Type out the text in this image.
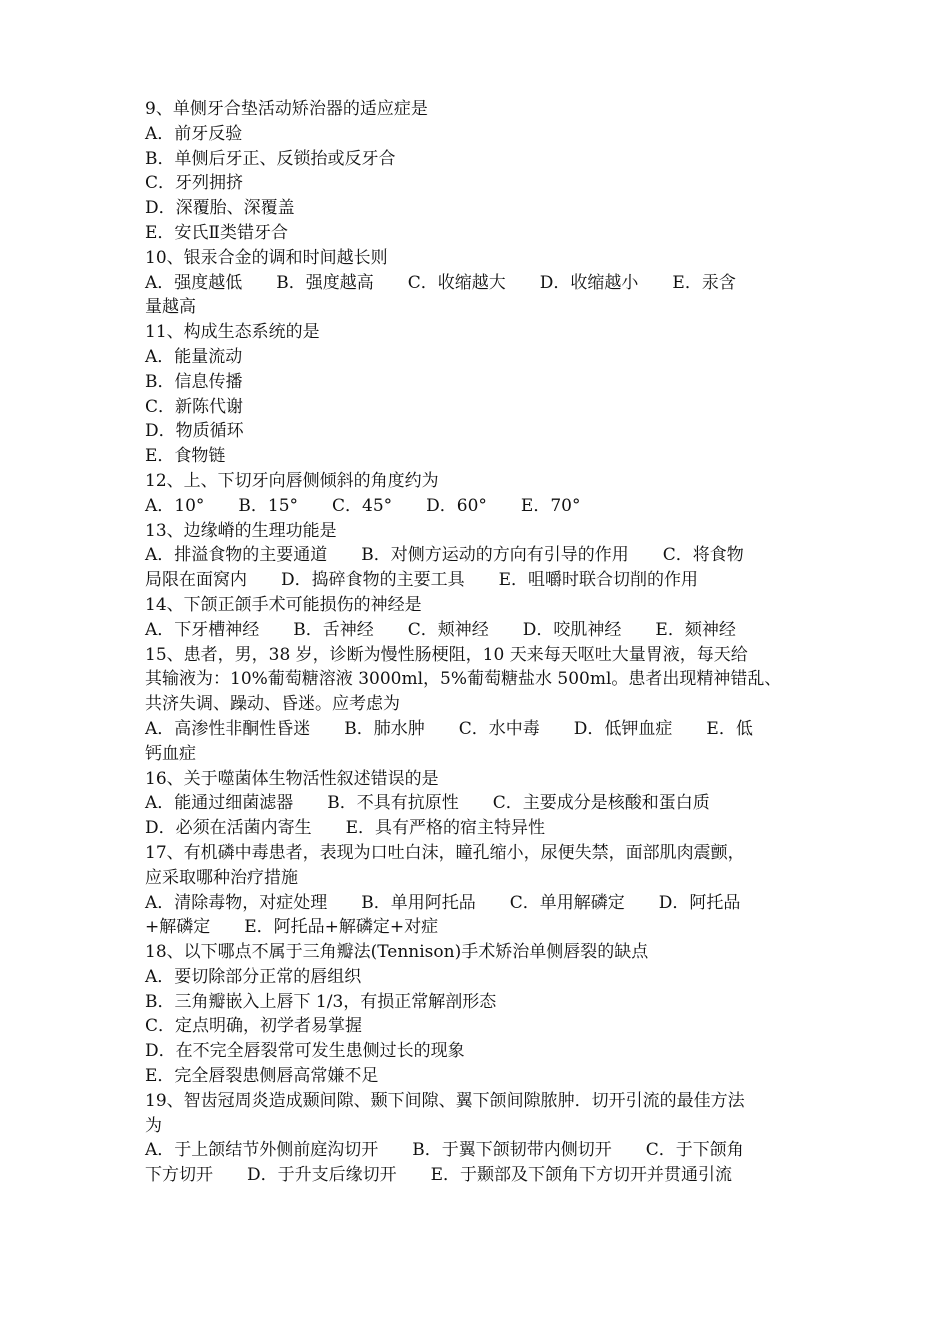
9、单侧牙合垫活动矫治器的适应症是
A．前牙反验
B．单侧后牙正、反锁抬或反牙合
C．牙列拥挤
D．深覆胎、深覆盖
E．安氏Ⅱ类错牙合
10、银汞合金的调和时间越长则
A．强度越低　　B．强度越高　　C．收缩越大　　D．收缩越小　　E．汞含
量越高
11、构成生态系统的是
A．能量流动
B．信息传播
C．新陈代谢
D．物质循环
E．食物链
12、上、下切牙向唇侧倾斜的角度约为
A．10°　　B．15°　　C．45°　　D．60°　　E．70°
13、边缘嵴的生理功能是
A．排溢食物的主要通道　　B．对侧方运动的方向有引导的作用　　C．将食物
局限在面窝内　　D．捣碎食物的主要工具　　E．咀嚼时联合切削的作用
14、下颌正颌手术可能损伤的神经是
A．下牙槽神经　　B．舌神经　　C．颊神经　　D．咬肌神经　　E．颏神经
15、患者，男，38 岁，诊断为慢性肠梗阻，10 天来每天呕吐大量胃液，每天给
其输液为：10%葡萄糖溶液 3000ml，5%葡萄糖盐水 500ml。患者出现精神错乱、
共济失调、躁动、昏迷。应考虑为
A．高渗性非酮性昏迷　　B．肺水肿　　C．水中毒　　D．低钾血症　　E．低
钙血症
16、关于噬菌体生物活性叙述错误的是
A．能通过细菌滤器　　B．不具有抗原性　　C．主要成分是核酸和蛋白质
D．必须在活菌内寄生　　E．具有严格的宿主特异性
17、有机磷中毒患者，表现为口吐白沫，瞳孔缩小，尿便失禁，面部肌肉震颤，
应采取哪种治疗措施
A．清除毒物，对症处理　　B．单用阿托品　　C．单用解磷定　　D．阿托品
+解磷定　　E．阿托品+解磷定+对症
18、以下哪点不属于三角瓣法(Tennison)手术矫治单侧唇裂的缺点
A．要切除部分正常的唇组织
B．三角瓣嵌入上唇下 1/3，有损正常解剖形态
C．定点明确，初学者易掌握
D．在不完全唇裂常可发生患侧过长的现象
E．完全唇裂患侧唇高常嫌不足
19、智齿冠周炎造成颞间隙、颞下间隙、翼下颌间隙脓肿．切开引流的最佳方法
为
A．于上颌结节外侧前庭沟切开　　B．于翼下颌韧带内侧切开　　C．于下颌角
下方切开　　D．于升支后缘切开　　E．于颞部及下颌角下方切开并贯通引流
